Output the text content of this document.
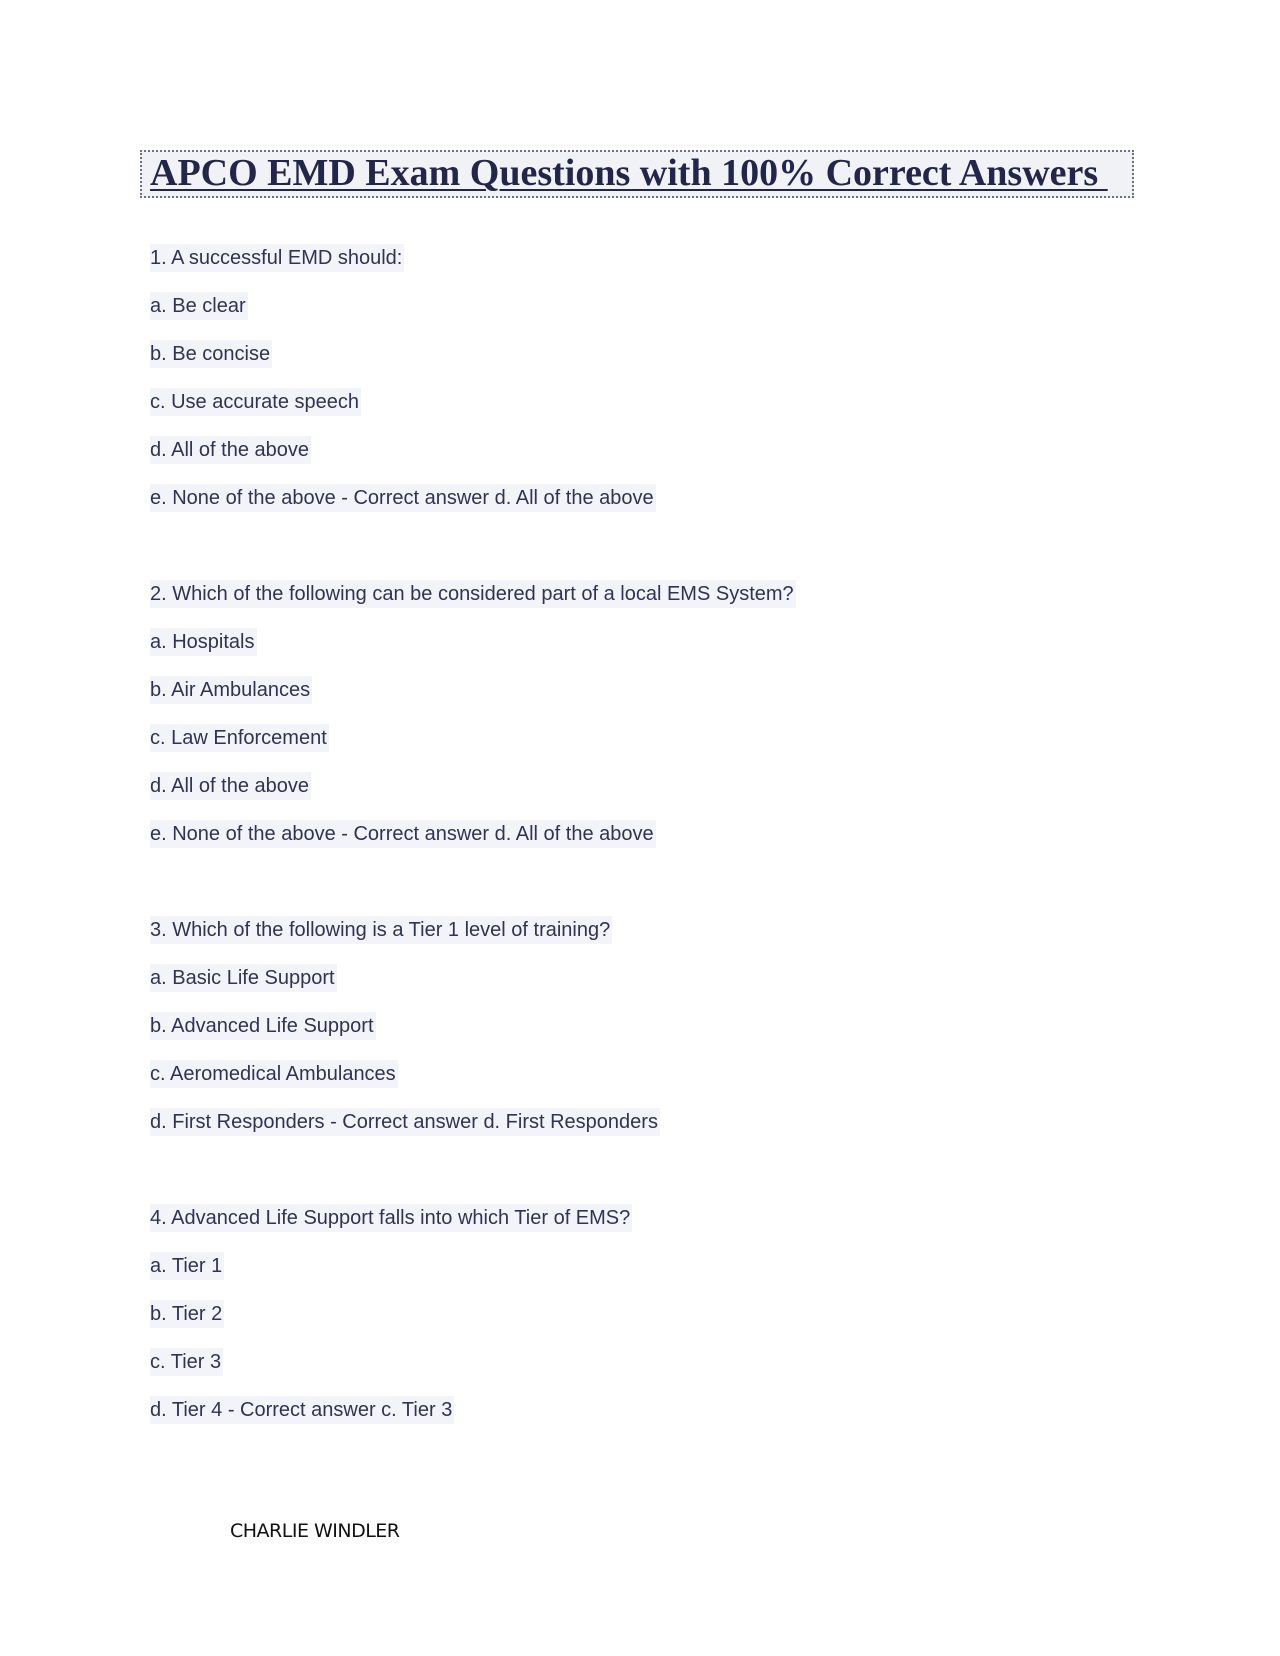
APCO EMD Exam Questions with 100% Correct Answers
1. A successful EMD should:
a. Be clear
b. Be concise
c. Use accurate speech
d. All of the above
e. None of the above - Correct answer d. All of the above
2. Which of the following can be considered part of a local EMS System?
a. Hospitals
b. Air Ambulances
c. Law Enforcement
d. All of the above
e. None of the above - Correct answer d. All of the above
3. Which of the following is a Tier 1 level of training?
a. Basic Life Support
b. Advanced Life Support
c. Aeromedical Ambulances
d. First Responders - Correct answer d. First Responders
4. Advanced Life Support falls into which Tier of EMS?
a. Tier 1
b. Tier 2
c. Tier 3
d. Tier 4 - Correct answer c. Tier 3
CHARLIE WINDLER
